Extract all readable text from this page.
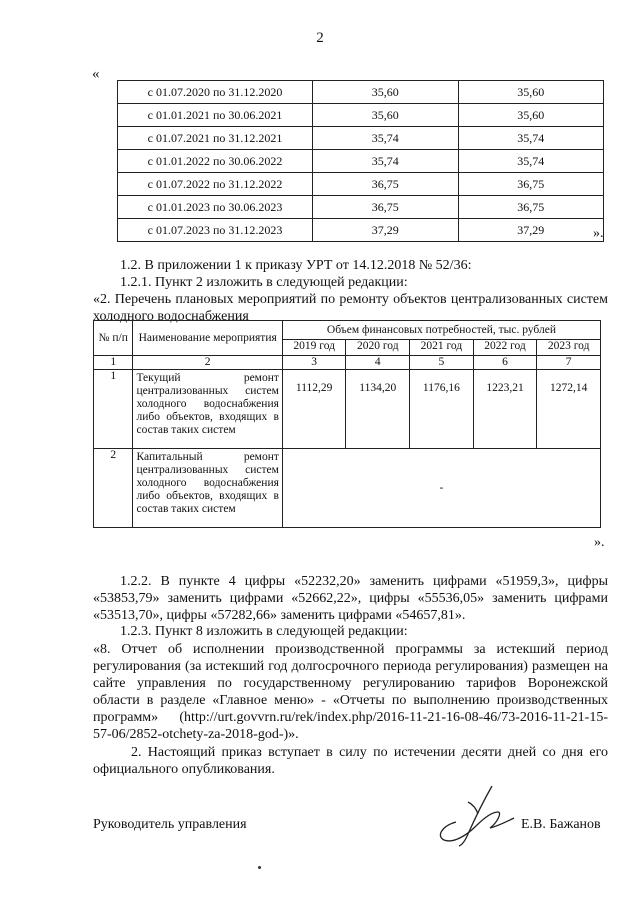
2
«
с 01.07.2020 по 31.12.2020	35,60	35,60
с 01.01.2021 по 30.06.2021	35,60	35,60
с 01.07.2021 по 31.12.2021	35,74	35,74
с 01.01.2022 по 30.06.2022	35,74	35,74
с 01.07.2022 по 31.12.2022	36,75	36,75
с 01.01.2023 по 30.06.2023	36,75	36,75
с 01.07.2023 по 31.12.2023	37,29	37,29	».
1.2. В приложении 1 к приказу УРТ от 14.12.2018 № 52/36:
1.2.1. Пункт 2 изложить в следующей редакции:
«2. Перечень плановых мероприятий по ремонту объектов централизованных систем холодного водоснабжения
№ п/п	Наименование мероприятия	Объем финансовых потребностей, тыс. рублей				
		2019 год	2020 год	2021 год	2022 год	2023 год
1	2	3	4	5	6	7
1	Текущий ремонт централизованных систем холодного водоснабжения либо объектов, входящих в состав таких систем	1112,29	1134,20	1176,16	1223,21	1272,14
2	Капитальный ремонт централизованных систем холодного водоснабжения либо объектов, входящих в состав таких систем	-				
».
1.2.2. В пункте 4 цифры «52232,20» заменить цифрами «51959,3», цифры «53853,79» заменить цифрами «52662,22», цифры «55536,05» заменить цифрами «53513,70», цифры «57282,66» заменить цифрами «54657,81».
1.2.3. Пункт 8 изложить в следующей редакции:
«8. Отчет об исполнении производственной программы за истекший период регулирования (за истекший год долгосрочного периода регулирования) размещен на сайте управления по государственному регулированию тарифов Воронежской области в разделе «Главное меню» - «Отчеты по выполнению производственных программ» (http://urt.govvrn.ru/rek/index.php/2016-11-21-16-08-46/73-2016-11-21-15-57-06/2852-otchety-za-2018-god-)».
2. Настоящий приказ вступает в силу по истечении десяти дней со дня его официального опубликования.
Руководитель управления	Е.В. Бажанов
